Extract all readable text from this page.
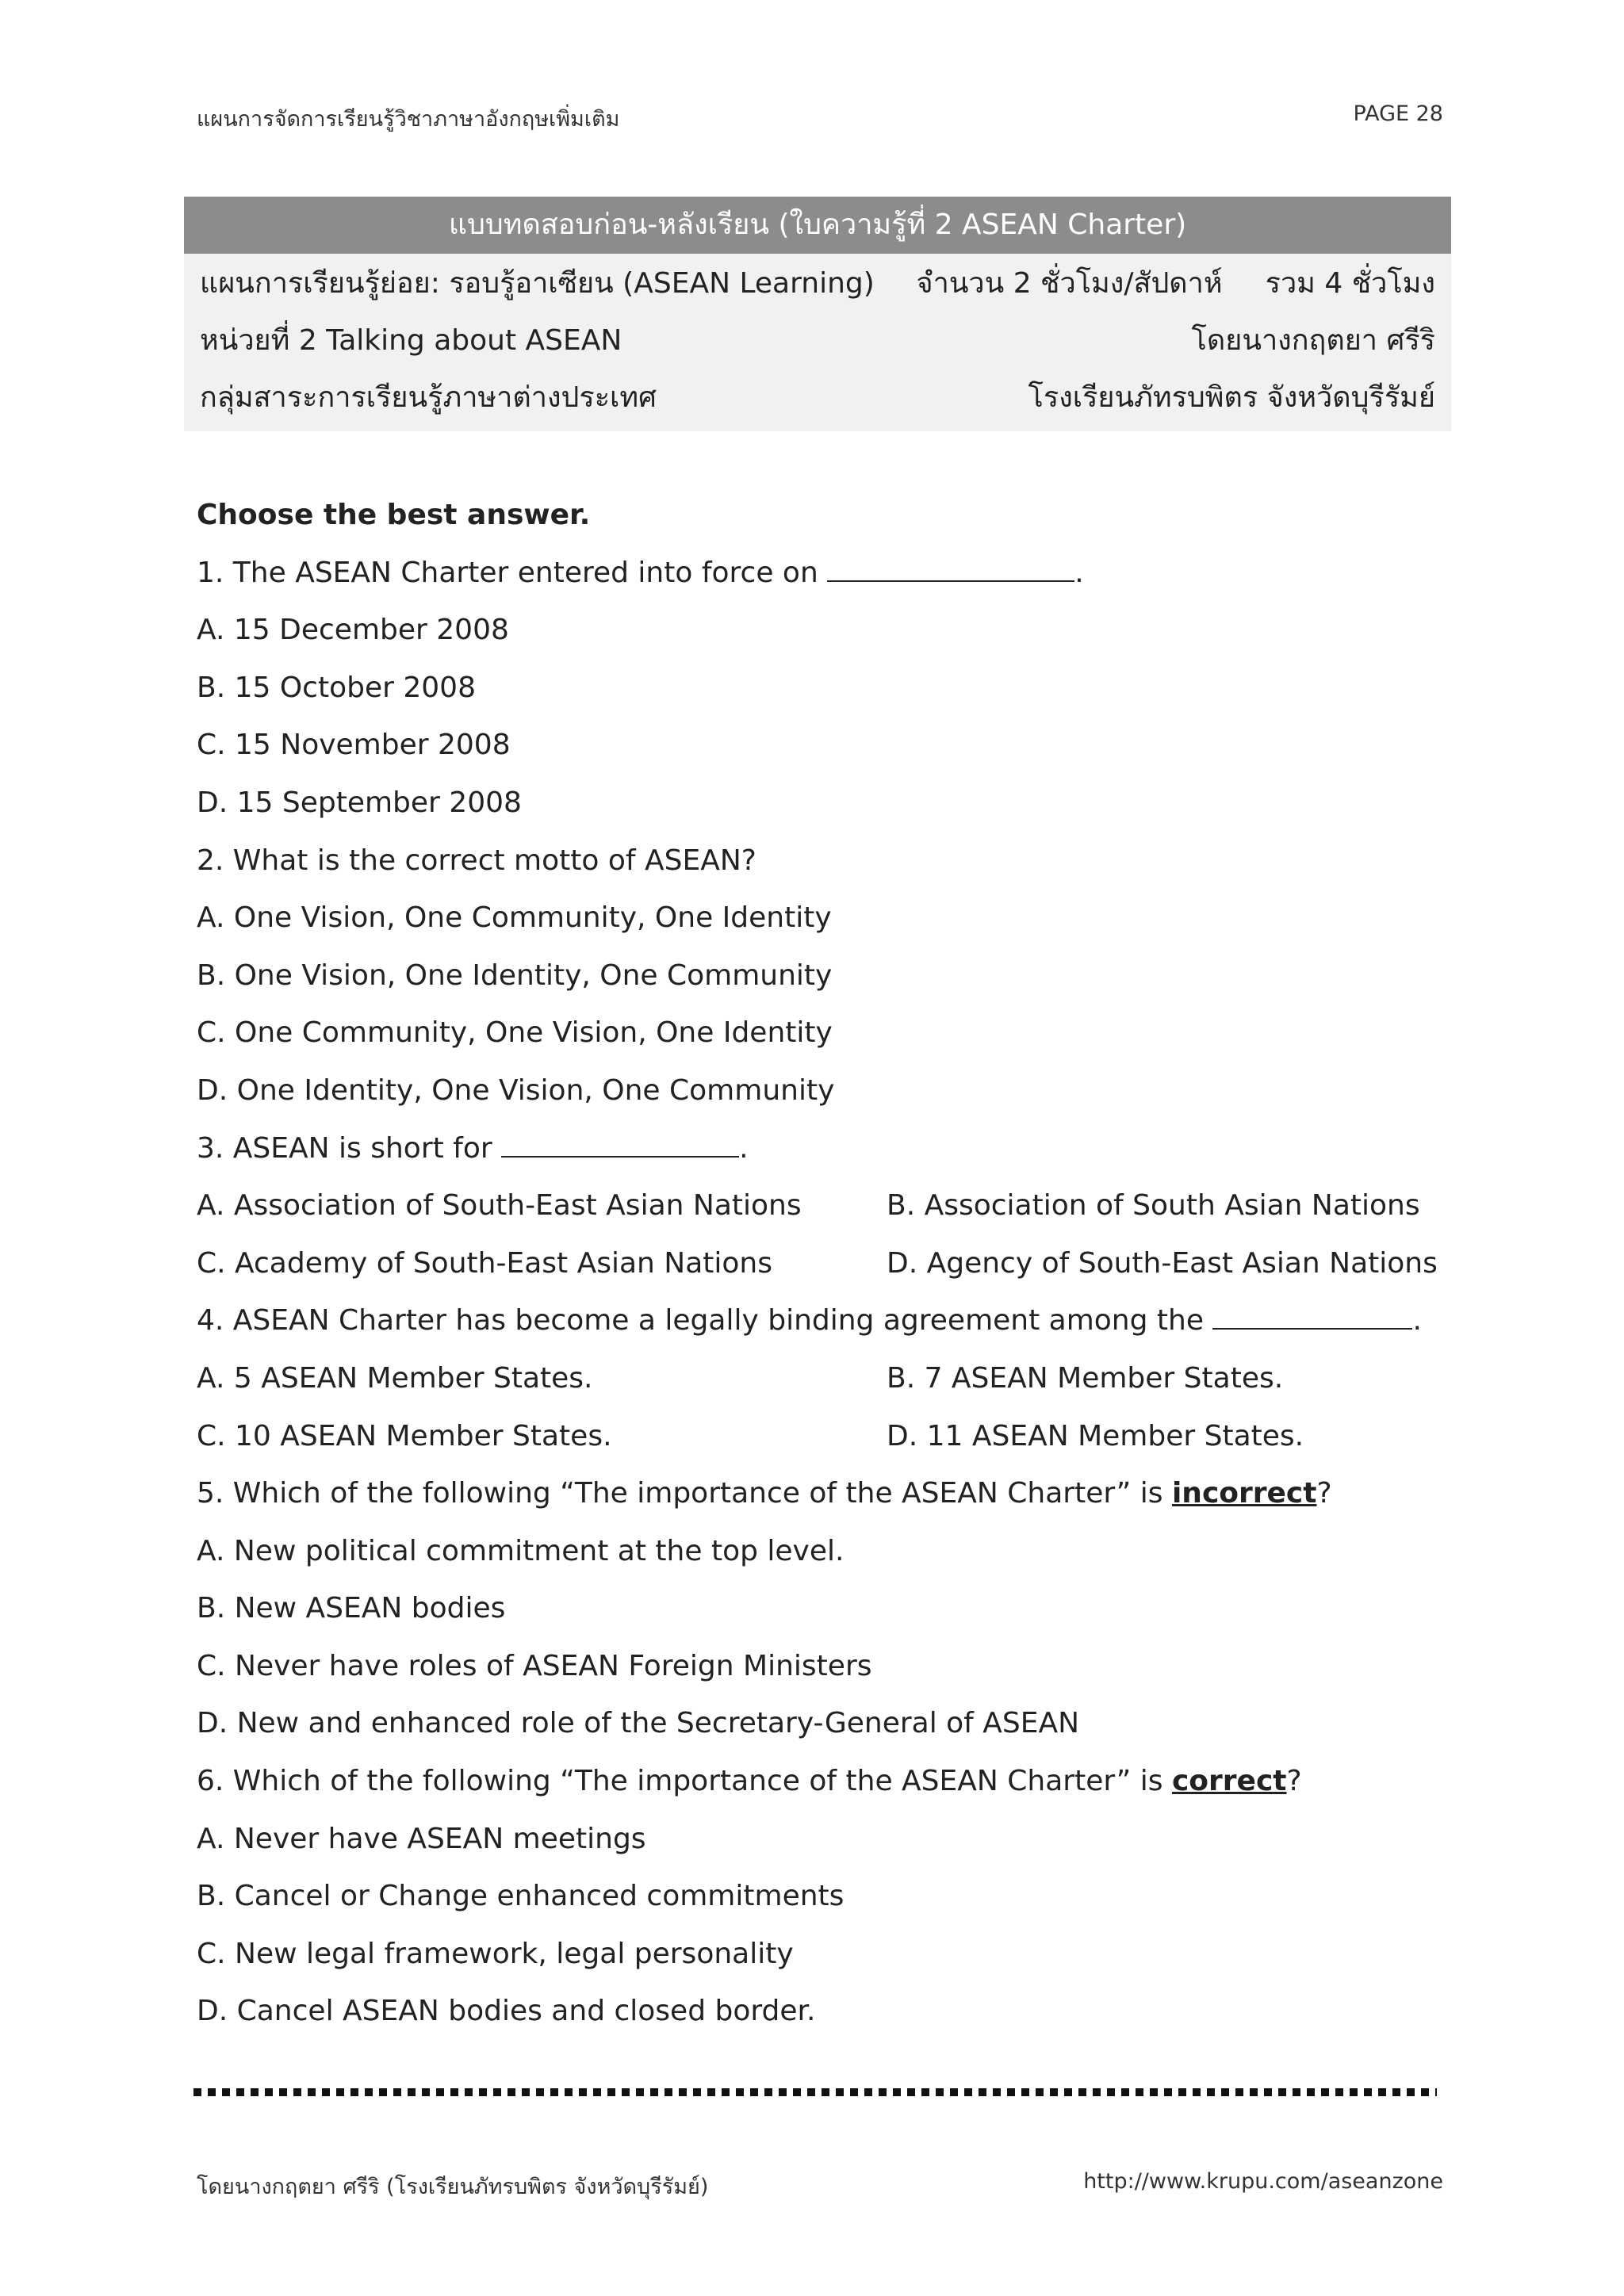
แผนการจัดการเรียนรู้วิชาภาษาอังกฤษเพิ่มเติม	PAGE 28
แบบทดสอบก่อน-หลังเรียน (ใบความรู้ที่ 2 ASEAN Charter)
แผนการเรียนรู้ย่อย: รอบรู้อาเซียน (ASEAN Learning) จำนวน 2 ชั่วโมง/สัปดาห์ รวม 4 ชั่วโมง
หน่วยที่ 2 Talking about ASEAN	โดยนางกฤตยา ศรีริ
กลุ่มสาระการเรียนรู้ภาษาต่างประเทศ	โรงเรียนภัทรบพิตร จังหวัดบุรีรัมย์
Choose the best answer.
1. The ASEAN Charter entered into force on	.
A. 15 December 2008
B. 15 October 2008
C. 15 November 2008
D. 15 September 2008
2. What is the correct motto of ASEAN?
A. One Vision, One Community, One Identity
B. One Vision, One Identity, One Community
C. One Community, One Vision, One Identity
D. One Identity, One Vision, One Community
3. ASEAN is short for	.
A. Association of South-East Asian Nations	B. Association of South Asian Nations
C. Academy of South-East Asian Nations	D. Agency of South-East Asian Nations
4. ASEAN Charter has become a legally binding agreement among the	.
A. 5 ASEAN Member States.	B. 7 ASEAN Member States.
C. 10 ASEAN Member States.	D. 11 ASEAN Member States.
5. Which of the following “The importance of the ASEAN Charter” is incorrect?
A. New political commitment at the top level.
B. New ASEAN bodies
C. Never have roles of ASEAN Foreign Ministers
D. New and enhanced role of the Secretary-General of ASEAN
6. Which of the following “The importance of the ASEAN Charter” is correct?
A. Never have ASEAN meetings
B. Cancel or Change enhanced commitments
C. New legal framework, legal personality
D. Cancel ASEAN bodies and closed border.
โดยนางกฤตยา ศรีริ (โรงเรียนภัทรบพิตร จังหวัดบุรีรัมย์)	http://www.krupu.com/aseanzone
